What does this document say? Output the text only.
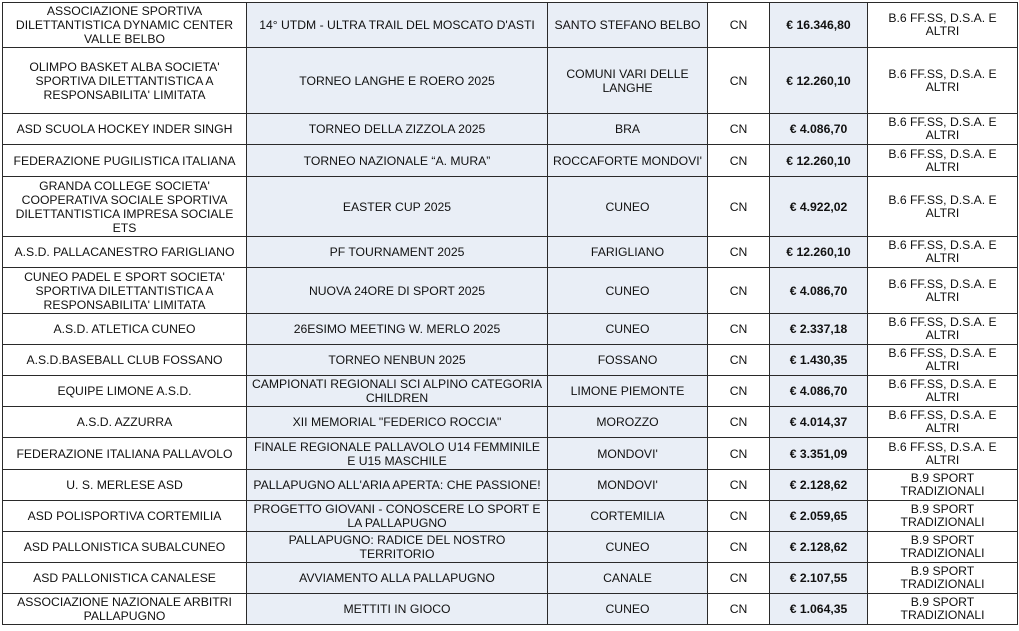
ASSOCIAZIONE SPORTIVA DILETTANTISTICA DYNAMIC CENTER VALLE BELBO	14° UTDM - ULTRA TRAIL DEL MOSCATO D'ASTI	SANTO STEFANO BELBO	CN	€ 16.346,80	B.6 FF.SS, D.S.A. E ALTRI
OLIMPO BASKET ALBA SOCIETA' SPORTIVA DILETTANTISTICA A RESPONSABILITA' LIMITATA	TORNEO LANGHE E ROERO 2025	COMUNI VARI DELLE LANGHE	CN	€ 12.260,10	B.6 FF.SS, D.S.A. E ALTRI
ASD SCUOLA HOCKEY INDER SINGH	TORNEO DELLA ZIZZOLA 2025	BRA	CN	€ 4.086,70	B.6 FF.SS, D.S.A. E ALTRI
FEDERAZIONE PUGILISTICA ITALIANA	TORNEO NAZIONALE “A. MURA”	ROCCAFORTE MONDOVI'	CN	€ 12.260,10	B.6 FF.SS, D.S.A. E ALTRI
GRANDA COLLEGE SOCIETA' COOPERATIVA SOCIALE SPORTIVA DILETTANTISTICA IMPRESA SOCIALE ETS	EASTER CUP 2025	CUNEO	CN	€ 4.922,02	B.6 FF.SS, D.S.A. E ALTRI
A.S.D. PALLACANESTRO FARIGLIANO	PF TOURNAMENT 2025	FARIGLIANO	CN	€ 12.260,10	B.6 FF.SS, D.S.A. E ALTRI
CUNEO PADEL E SPORT SOCIETA' SPORTIVA DILETTANTISTICA A RESPONSABILITA' LIMITATA	NUOVA 24ORE DI SPORT 2025	CUNEO	CN	€ 4.086,70	B.6 FF.SS, D.S.A. E ALTRI
A.S.D. ATLETICA CUNEO	26ESIMO MEETING W. MERLO 2025	CUNEO	CN	€ 2.337,18	B.6 FF.SS, D.S.A. E ALTRI
A.S.D.BASEBALL CLUB FOSSANO	TORNEO NENBUN 2025	FOSSANO	CN	€ 1.430,35	B.6 FF.SS, D.S.A. E ALTRI
EQUIPE LIMONE A.S.D.	CAMPIONATI REGIONALI SCI ALPINO CATEGORIA CHILDREN	LIMONE PIEMONTE	CN	€ 4.086,70	B.6 FF.SS, D.S.A. E ALTRI
A.S.D. AZZURRA	XII MEMORIAL "FEDERICO ROCCIA"	MOROZZO	CN	€ 4.014,37	B.6 FF.SS, D.S.A. E ALTRI
FEDERAZIONE ITALIANA PALLAVOLO	FINALE REGIONALE PALLAVOLO U14 FEMMINILE E U15 MASCHILE	MONDOVI'	CN	€ 3.351,09	B.6 FF.SS, D.S.A. E ALTRI
U. S. MERLESE ASD	PALLAPUGNO ALL'ARIA APERTA: CHE PASSIONE!	MONDOVI'	CN	€ 2.128,62	B.9 SPORT TRADIZIONALI
ASD POLISPORTIVA CORTEMILIA	PROGETTO GIOVANI - CONOSCERE LO SPORT E LA PALLAPUGNO	CORTEMILIA	CN	€ 2.059,65	B.9 SPORT TRADIZIONALI
ASD PALLONISTICA SUBALCUNEO	PALLAPUGNO: RADICE DEL NOSTRO TERRITORIO	CUNEO	CN	€ 2.128,62	B.9 SPORT TRADIZIONALI
ASD PALLONISTICA CANALESE	AVVIAMENTO ALLA PALLAPUGNO	CANALE	CN	€ 2.107,55	B.9 SPORT TRADIZIONALI
ASSOCIAZIONE NAZIONALE ARBITRI PALLAPUGNO	METTITI IN GIOCO	CUNEO	CN	€ 1.064,35	B.9 SPORT TRADIZIONALI
